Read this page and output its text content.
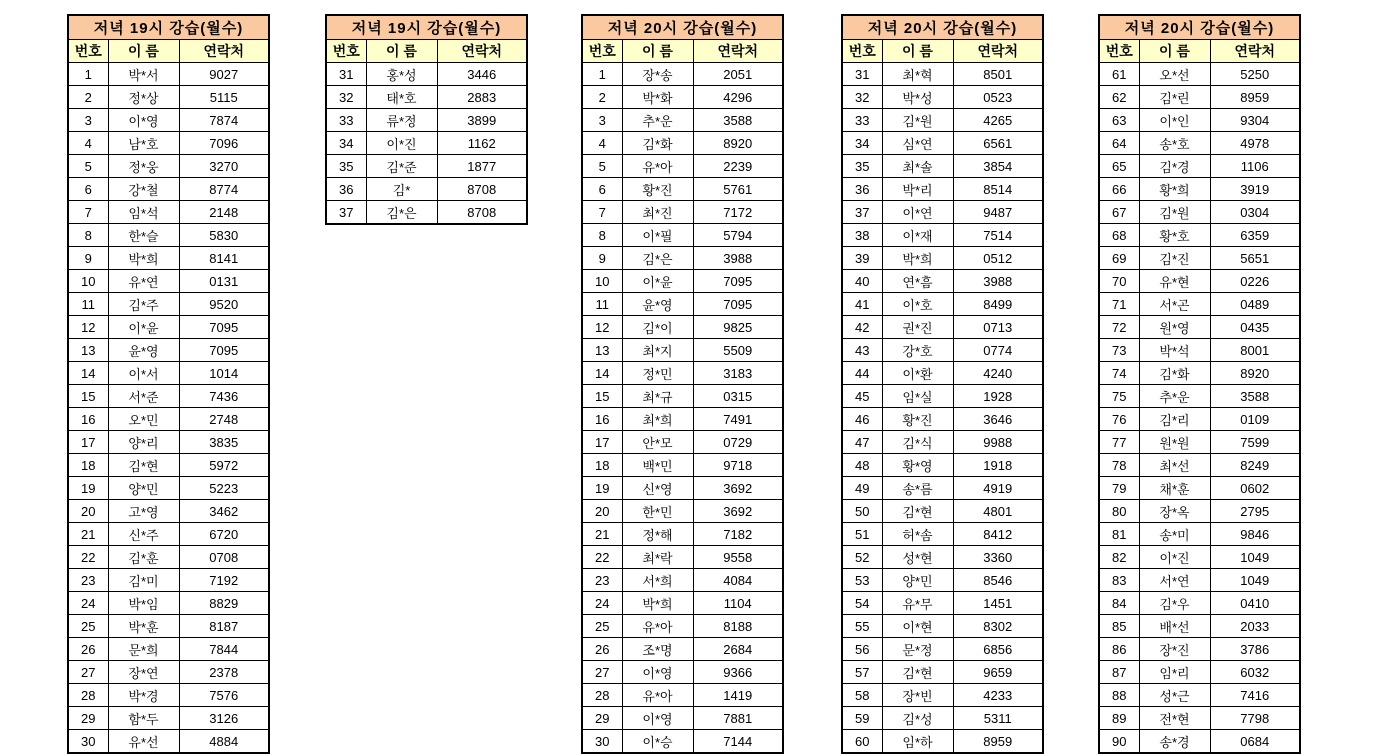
저녁 19시 강습(월수)		
번호	이 름	연락처
1	박*서	9027
2	정*상	5115
3	이*영	7874
4	남*호	7096
5	정*웅	3270
6	강*철	8774
7	임*석	2148
8	한*슬	5830
9	박*희	8141
10	유*연	0131
11	김*주	9520
12	이*윤	7095
13	윤*영	7095
14	이*서	1014
15	서*준	7436
16	오*민	2748
17	양*리	3835
18	김*현	5972
19	양*민	5223
20	고*영	3462
21	신*주	6720
22	김*훈	0708
23	김*미	7192
24	박*임	8829
25	박*훈	8187
26	문*희	7844
27	장*연	2378
28	박*경	7576
29	함*두	3126
30	유*선	4884
저녁 19시 강습(월수)		
번호	이 름	연락처
31	홍*성	3446
32	태*호	2883
33	류*정	3899
34	이*진	1162
35	김*준	1877
36	김*	8708
37	김*은	8708
저녁 20시 강습(월수)		
번호	이 름	연락처
1	장*송	2051
2	박*화	4296
3	추*운	3588
4	김*화	8920
5	유*아	2239
6	황*진	5761
7	최*진	7172
8	이*필	5794
9	김*은	3988
10	이*윤	7095
11	윤*영	7095
12	김*이	9825
13	최*지	5509
14	정*민	3183
15	최*규	0315
16	최*희	7491
17	안*모	0729
18	백*민	9718
19	신*영	3692
20	한*민	3692
21	정*해	7182
22	최*락	9558
23	서*희	4084
24	박*희	1104
25	유*아	8188
26	조*명	2684
27	이*영	9366
28	유*아	1419
29	이*영	7881
30	이*승	7144
저녁 20시 강습(월수)		
번호	이 름	연락처
31	최*혁	8501
32	박*성	0523
33	김*원	4265
34	심*연	6561
35	최*솔	3854
36	박*리	8514
37	이*연	9487
38	이*재	7514
39	박*희	0512
40	연*흠	3988
41	이*호	8499
42	권*진	0713
43	강*호	0774
44	이*환	4240
45	임*실	1928
46	황*진	3646
47	김*식	9988
48	황*영	1918
49	송*름	4919
50	김*현	4801
51	허*솜	8412
52	성*현	3360
53	양*민	8546
54	유*무	1451
55	이*현	8302
56	문*정	6856
57	김*현	9659
58	장*빈	4233
59	김*성	5311
60	임*하	8959
저녁 20시 강습(월수)		
번호	이 름	연락처
61	오*선	5250
62	김*린	8959
63	이*인	9304
64	송*호	4978
65	김*경	1106
66	황*희	3919
67	김*원	0304
68	황*호	6359
69	김*진	5651
70	유*현	0226
71	서*곤	0489
72	원*영	0435
73	박*석	8001
74	김*화	8920
75	추*운	3588
76	김*리	0109
77	원*원	7599
78	최*선	8249
79	채*훈	0602
80	장*옥	2795
81	송*미	9846
82	이*진	1049
83	서*연	1049
84	김*우	0410
85	배*선	2033
86	장*진	3786
87	임*리	6032
88	성*근	7416
89	전*현	7798
90	송*경	0684
